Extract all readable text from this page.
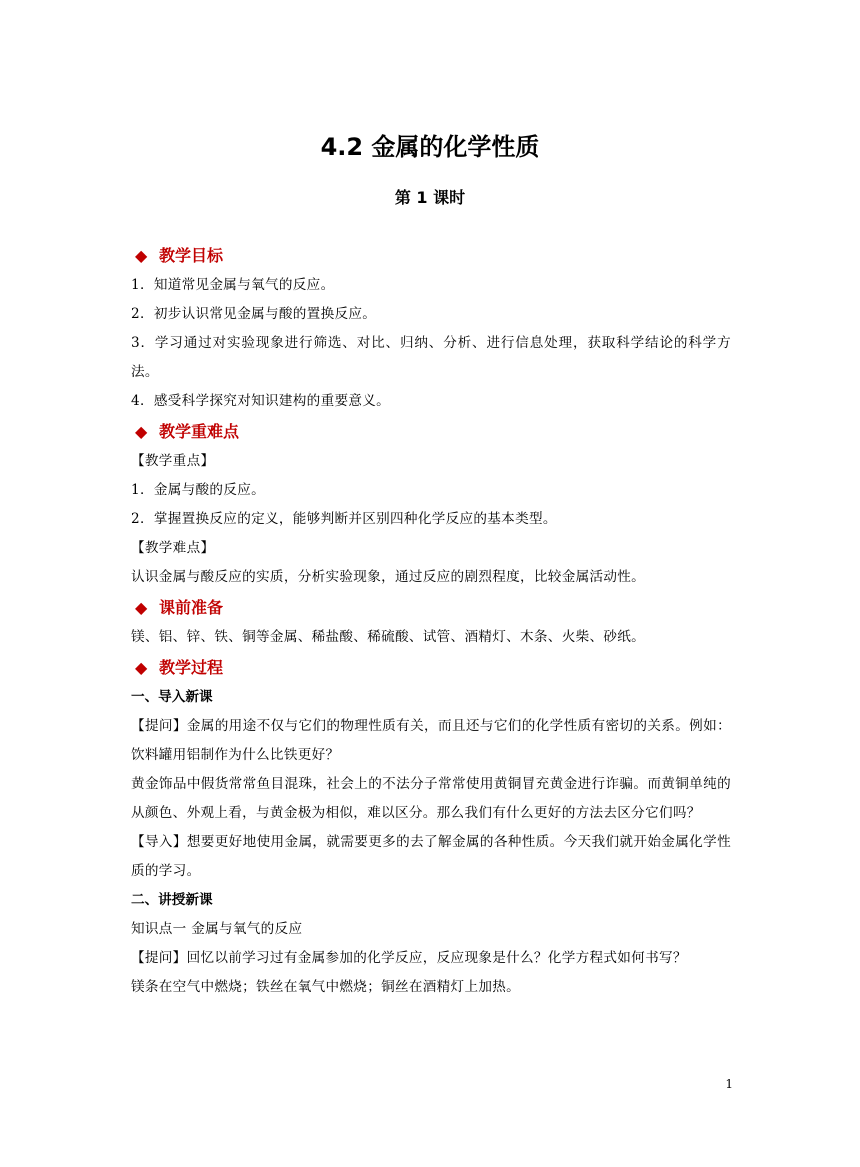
4.2 金属的化学性质
第 1 课时
◆ 教学目标
1．知道常见金属与氧气的反应。
2．初步认识常见金属与酸的置换反应。
3．学习通过对实验现象进行筛选、对比、归纳、分析、进行信息处理，获取科学结论的科学方法。
4．感受科学探究对知识建构的重要意义。
◆ 教学重难点
【教学重点】
1．金属与酸的反应。
2．掌握置换反应的定义，能够判断并区别四种化学反应的基本类型。
【教学难点】
认识金属与酸反应的实质，分析实验现象，通过反应的剧烈程度，比较金属活动性。
◆ 课前准备
镁、铝、锌、铁、铜等金属、稀盐酸、稀硫酸、试管、酒精灯、木条、火柴、砂纸。
◆ 教学过程
一、导入新课
【提问】金属的用途不仅与它们的物理性质有关，而且还与它们的化学性质有密切的关系。例如：饮料罐用铝制作为什么比铁更好？
黄金饰品中假货常常鱼目混珠，社会上的不法分子常常使用黄铜冒充黄金进行诈骗。而黄铜单纯的从颜色、外观上看，与黄金极为相似，难以区分。那么我们有什么更好的方法去区分它们吗？
【导入】想要更好地使用金属，就需要更多的去了解金属的各种性质。今天我们就开始金属化学性质的学习。
二、讲授新课
知识点一 金属与氧气的反应
【提问】回忆以前学习过有金属参加的化学反应，反应现象是什么？化学方程式如何书写？
镁条在空气中燃烧；铁丝在氧气中燃烧；铜丝在酒精灯上加热。
1
